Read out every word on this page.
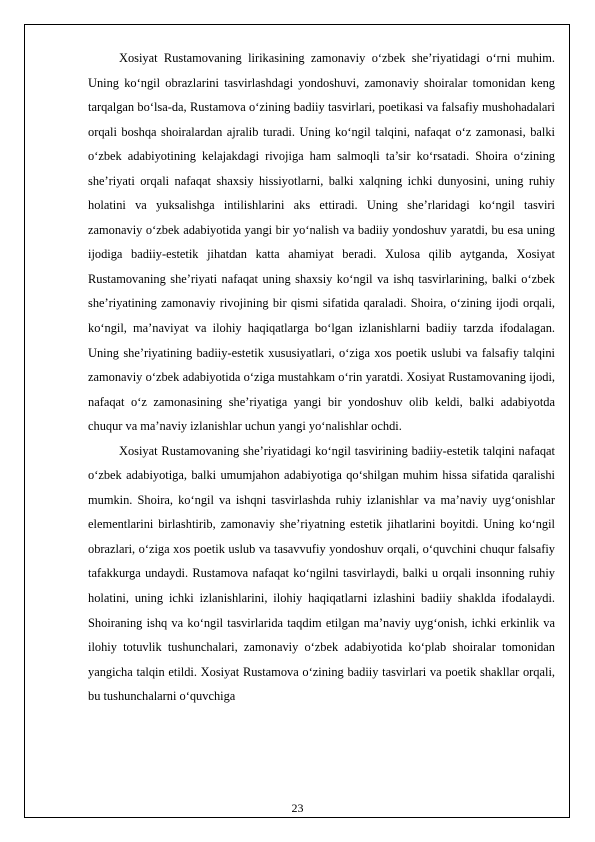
Xosiyat Rustamovaning lirikasining zamonaviy o‘zbek she’riyatidagi o‘rni muhim. Uning ko‘ngil obrazlarini tasvirlashdagi yondoshuvi, zamonaviy shoiralar tomonidan keng tarqalgan bo‘lsa-da, Rustamova o‘zining badiiy tasvirlari, poetikasi va falsafiy mushohadalari orqali boshqa shoiralardan ajralib turadi. Uning ko‘ngil talqini, nafaqat o‘z zamonasi, balki o‘zbek adabiyotining kelajakdagi rivojiga ham salmoqli ta’sir ko‘rsatadi. Shoira o‘zining she’riyati orqali nafaqat shaxsiy hissiyotlarni, balki xalqning ichki dunyosini, uning ruhiy holatini va yuksalishga intilishlarini aks ettiradi. Uning she’rlaridagi ko‘ngil tasviri zamonaviy o‘zbek adabiyotida yangi bir yo‘nalish va badiiy yondoshuv yaratdi, bu esa uning ijodiga badiiy-estetik jihatdan katta ahamiyat beradi. Xulosa qilib aytganda, Xosiyat Rustamovaning she’riyati nafaqat uning shaxsiy ko‘ngil va ishq tasvirlarining, balki o‘zbek she’riyatining zamonaviy rivojining bir qismi sifatida qaraladi. Shoira, o‘zining ijodi orqali, ko‘ngil, ma’naviyat va ilohiy haqiqatlarga bo‘lgan izlanishlarni badiiy tarzda ifodalagan. Uning she’riyatining badiiy-estetik xususiyatlari, o‘ziga xos poetik uslubi va falsafiy talqini zamonaviy o‘zbek adabiyotida o‘ziga mustahkam o‘rin yaratdi. Xosiyat Rustamovaning ijodi, nafaqat o‘z zamonasining she’riyatiga yangi bir yondoshuv olib keldi, balki adabiyotda chuqur va ma’naviy izlanishlar uchun yangi yo‘nalishlar ochdi.

Xosiyat Rustamovaning she’riyatidagi ko‘ngil tasvirining badiiy-estetik talqini nafaqat o‘zbek adabiyotiga, balki umumjahon adabiyotiga qo‘shilgan muhim hissa sifatida qaralishi mumkin. Shoira, ko‘ngil va ishqni tasvirlashda ruhiy izlanishlar va ma’naviy uyg‘onishlar elementlarini birlashtirib, zamonaviy she’riyatning estetik jihatlarini boyitdi. Uning ko‘ngil obrazlari, o‘ziga xos poetik uslub va tasavvufiy yondoshuv orqali, o‘quvchini chuqur falsafiy tafakkurga undaydi. Rustamova nafaqat ko‘ngilni tasvirlaydi, balki u orqali insonning ruhiy holatini, uning ichki izlanishlarini, ilohiy haqiqatlarni izlashini badiiy shaklda ifodalaydi. Shoiraning ishq va ko‘ngil tasvirlarida taqdim etilgan ma’naviy uyg‘onish, ichki erkinlik va ilohiy totuvlik tushunchalari, zamonaviy o‘zbek adabiyotida ko‘plab shoiralar tomonidan yangicha talqin etildi. Xosiyat Rustamova o‘zining badiiy tasvirlari va poetik shakllar orqali, bu tushunchalarni o‘quvchiga

23
